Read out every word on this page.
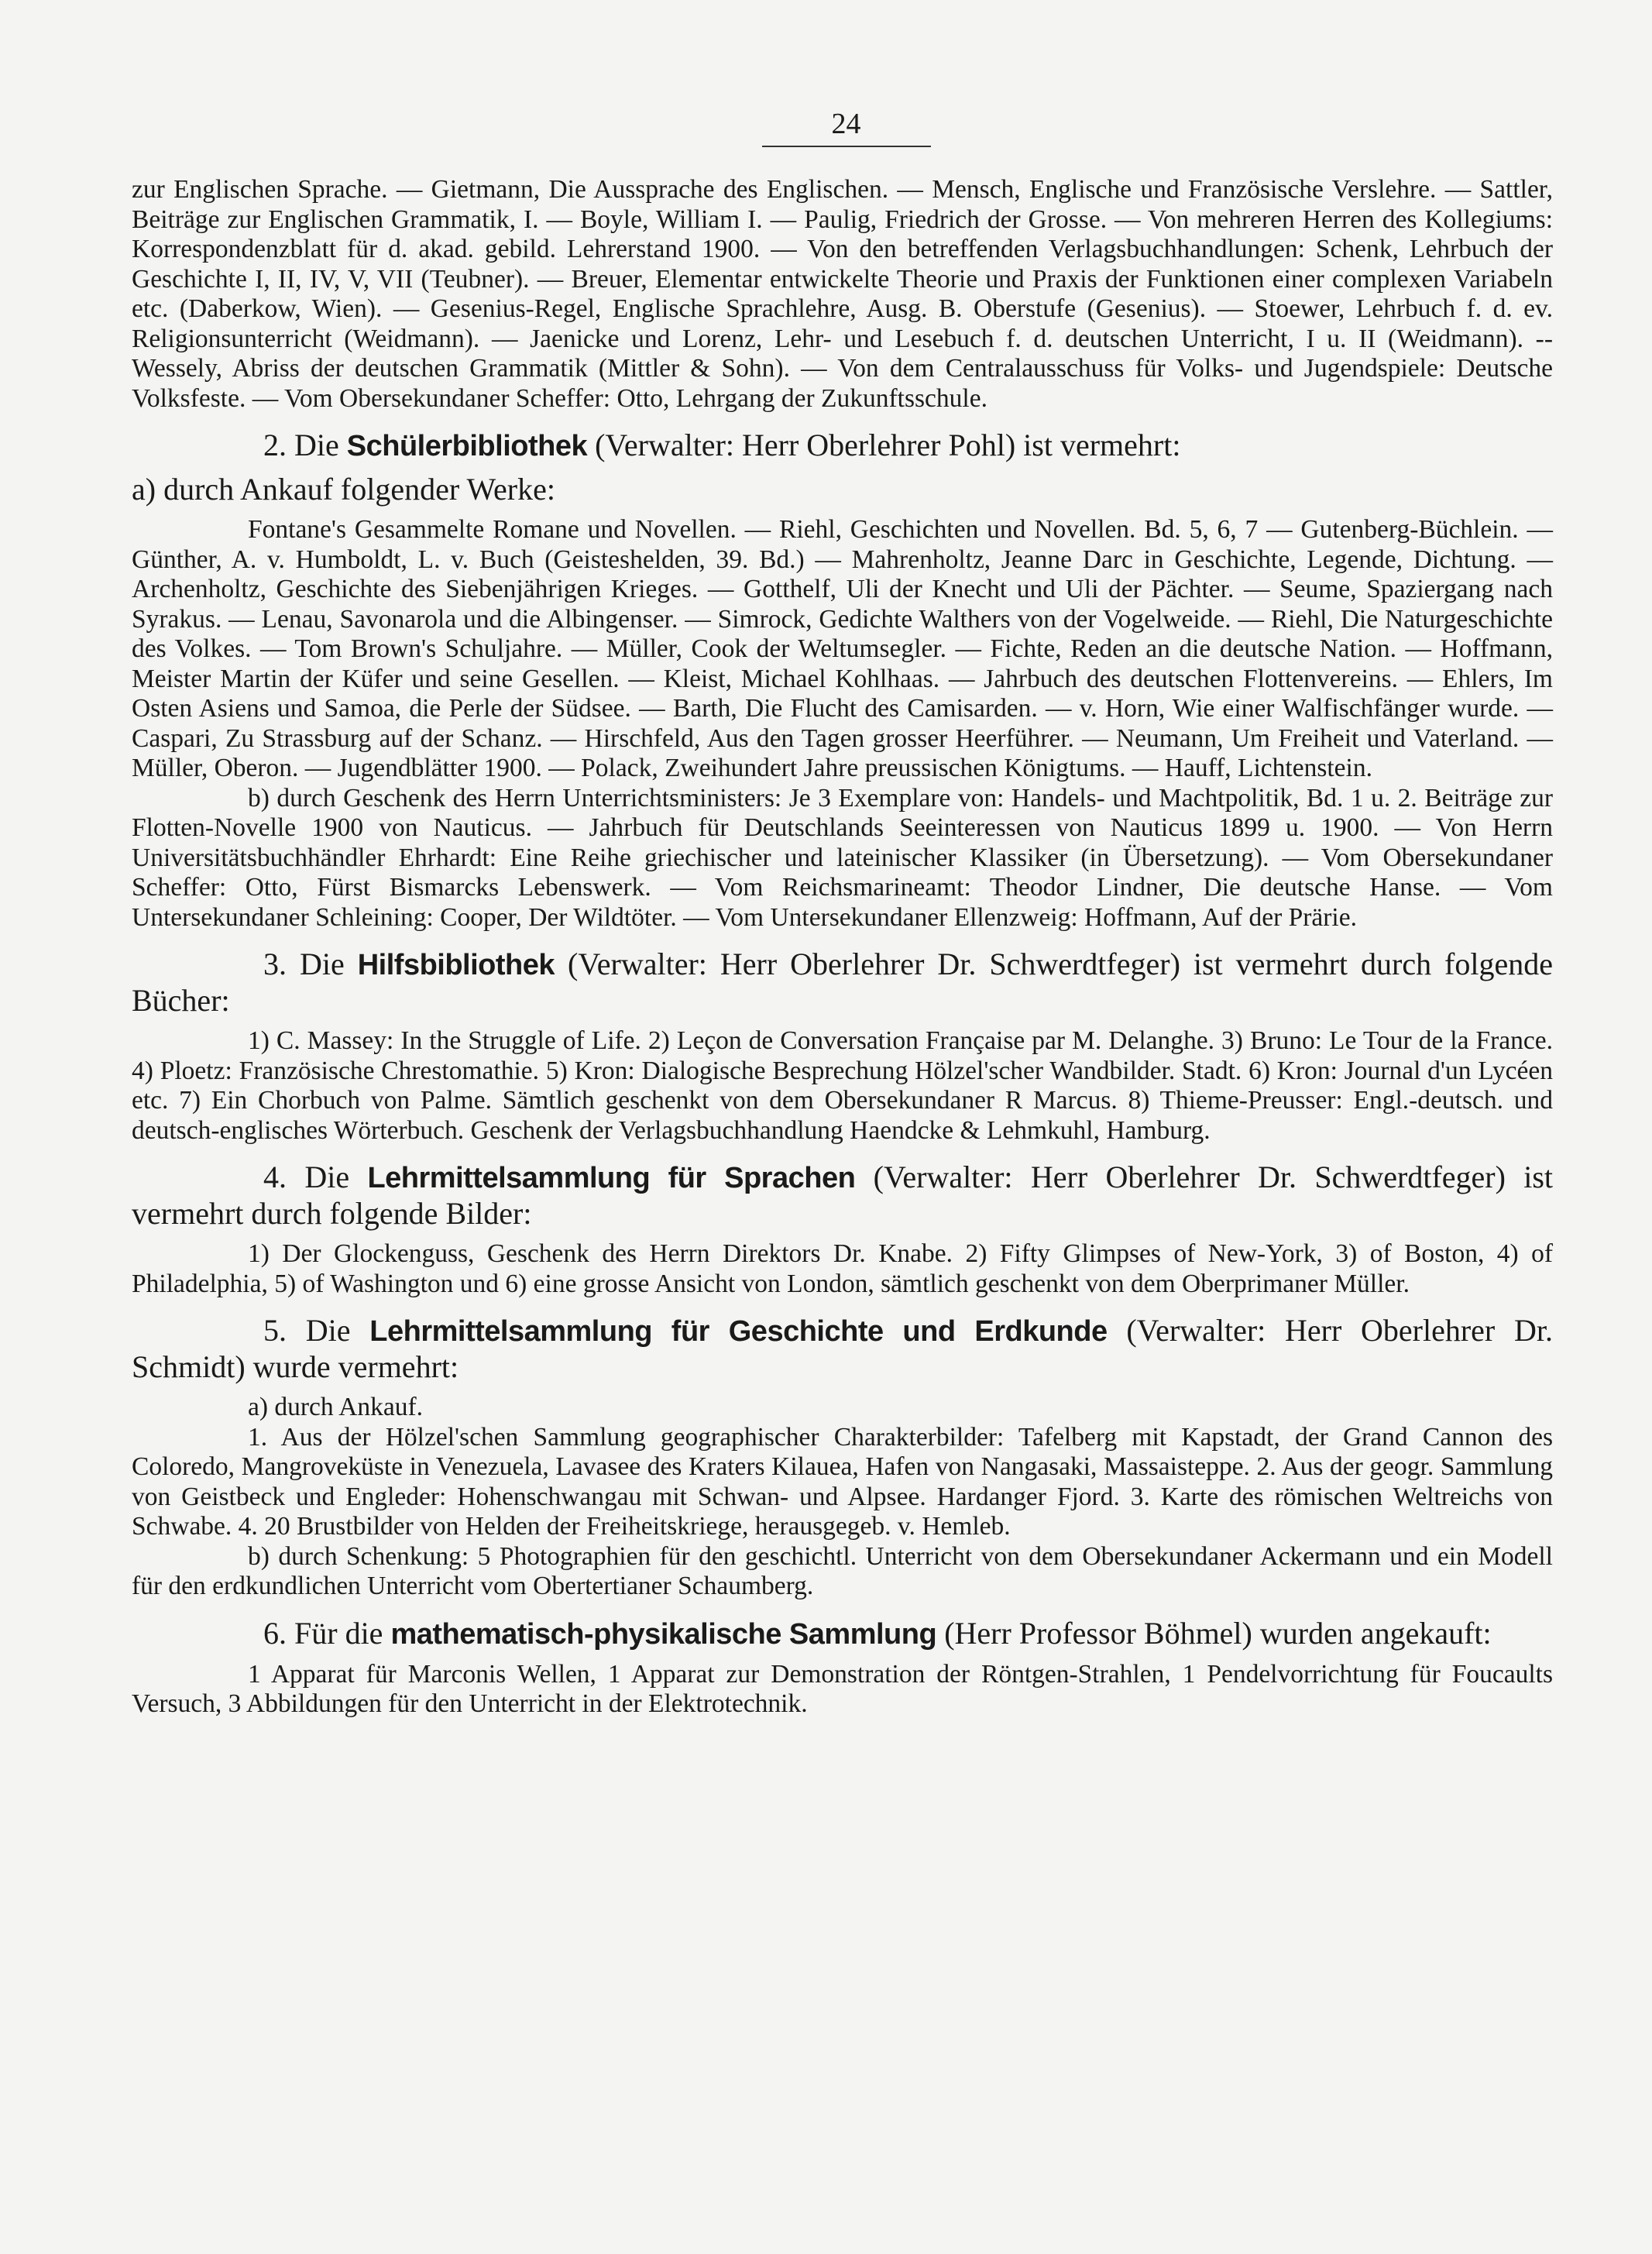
24

zur Englischen Sprache. — Gietmann, Die Aussprache des Englischen. — Mensch, Englische und Französische Verslehre. — Sattler, Beiträge zur Englischen Grammatik, I. — Boyle, William I. — Paulig, Friedrich der Grosse. — Von mehreren Herren des Kollegiums: Korrespondenzblatt für d. akad. gebild. Lehrerstand 1900. — Von den betreffenden Verlagsbuchhandlungen: Schenk, Lehrbuch der Geschichte I, II, IV, V, VII (Teubner). — Breuer, Elementar entwickelte Theorie und Praxis der Funktionen einer complexen Variabeln etc. (Daberkow, Wien). — Gesenius-Regel, Englische Sprachlehre, Ausg. B. Oberstufe (Gesenius). — Stoewer, Lehrbuch f. d. ev. Religionsunterricht (Weidmann). — Jaenicke und Lorenz, Lehr- und Lesebuch f. d. deutschen Unterricht, I u. II (Weidmann). -- Wessely, Abriss der deutschen Grammatik (Mittler & Sohn). — Von dem Centralausschuss für Volks- und Jugendspiele: Deutsche Volksfeste. — Vom Obersekundaner Scheffer: Otto, Lehrgang der Zukunftsschule.

2. Die Schülerbibliothek (Verwalter: Herr Oberlehrer Pohl) ist vermehrt:
a) durch Ankauf folgender Werke:

Fontane's Gesammelte Romane und Novellen. — Riehl, Geschichten und Novellen. Bd. 5, 6, 7 — Gutenberg-Büchlein. — Günther, A. v. Humboldt, L. v. Buch (Geisteshelden, 39. Bd.) — Mahrenholtz, Jeanne Darc in Geschichte, Legende, Dichtung. — Archenholtz, Geschichte des Siebenjährigen Krieges. — Gotthelf, Uli der Knecht und Uli der Pächter. — Seume, Spaziergang nach Syrakus. — Lenau, Savonarola und die Albingenser. — Simrock, Gedichte Walthers von der Vogelweide. — Riehl, Die Naturgeschichte des Volkes. — Tom Brown's Schuljahre. — Müller, Cook der Weltumsegler. — Fichte, Reden an die deutsche Nation. — Hoffmann, Meister Martin der Küfer und seine Gesellen. — Kleist, Michael Kohlhaas. — Jahrbuch des deutschen Flottenvereins. — Ehlers, Im Osten Asiens und Samoa, die Perle der Südsee. — Barth, Die Flucht des Camisarden. — v. Horn, Wie einer Walfischfänger wurde. — Caspari, Zu Strassburg auf der Schanz. — Hirschfeld, Aus den Tagen grosser Heerführer. — Neumann, Um Freiheit und Vaterland. — Müller, Oberon. — Jugendblätter 1900. — Polack, Zweihundert Jahre preussischen Königtums. — Hauff, Lichtenstein.

b) durch Geschenk des Herrn Unterrichtsministers: Je 3 Exemplare von: Handels- und Machtpolitik, Bd. 1 u. 2. Beiträge zur Flotten-Novelle 1900 von Nauticus. — Jahrbuch für Deutschlands Seeinteressen von Nauticus 1899 u. 1900. — Von Herrn Universitätsbuchhändler Ehrhardt: Eine Reihe griechischer und lateinischer Klassiker (in Übersetzung). — Vom Obersekundaner Scheffer: Otto, Fürst Bismarcks Lebenswerk. — Vom Reichsmarineamt: Theodor Lindner, Die deutsche Hanse. — Vom Untersekundaner Schleining: Cooper, Der Wildtöter. — Vom Untersekundaner Ellenzweig: Hoffmann, Auf der Prärie.

3. Die Hilfsbibliothek (Verwalter: Herr Oberlehrer Dr. Schwerdtfeger) ist vermehrt durch folgende Bücher:

1) C. Massey: In the Struggle of Life. 2) Leçon de Conversation Française par M. Delanghe. 3) Bruno: Le Tour de la France. 4) Ploetz: Französische Chrestomathie. 5) Kron: Dialogische Besprechung Hölzel'scher Wandbilder. Stadt. 6) Kron: Journal d'un Lycéen etc. 7) Ein Chorbuch von Palme. Sämtlich geschenkt von dem Obersekundaner R Marcus. 8) Thieme-Preusser: Engl.-deutsch. und deutsch-englisches Wörterbuch. Geschenk der Verlagsbuchhandlung Haendcke & Lehmkuhl, Hamburg.

4. Die Lehrmittelsammlung für Sprachen (Verwalter: Herr Oberlehrer Dr. Schwerdtfeger) ist vermehrt durch folgende Bilder:

1) Der Glockenguss, Geschenk des Herrn Direktors Dr. Knabe. 2) Fifty Glimpses of New-York, 3) of Boston, 4) of Philadelphia, 5) of Washington und 6) eine grosse Ansicht von London, sämtlich geschenkt von dem Oberprimaner Müller.

5. Die Lehrmittelsammlung für Geschichte und Erdkunde (Verwalter: Herr Oberlehrer Dr. Schmidt) wurde vermehrt:

a) durch Ankauf.

1. Aus der Hölzel'schen Sammlung geographischer Charakterbilder: Tafelberg mit Kapstadt, der Grand Cannon des Coloredo, Mangroveküste in Venezuela, Lavasee des Kraters Kilauea, Hafen von Nangasaki, Massaisteppe. 2. Aus der geogr. Sammlung von Geistbeck und Engleder: Hohenschwangau mit Schwan- und Alpsee. Hardanger Fjord. 3. Karte des römischen Weltreichs von Schwabe. 4. 20 Brustbilder von Helden der Freiheitskriege, herausgegeb. v. Hemleb.

b) durch Schenkung: 5 Photographien für den geschichtl. Unterricht von dem Obersekundaner Ackermann und ein Modell für den erdkundlichen Unterricht vom Obertertianer Schaumberg.

6. Für die mathematisch-physikalische Sammlung (Herr Professor Böhmel) wurden angekauft:

1 Apparat für Marconis Wellen, 1 Apparat zur Demonstration der Röntgen-Strahlen, 1 Pendelvorrichtung für Foucaults Versuch, 3 Abbildungen für den Unterricht in der Elektrotechnik.
